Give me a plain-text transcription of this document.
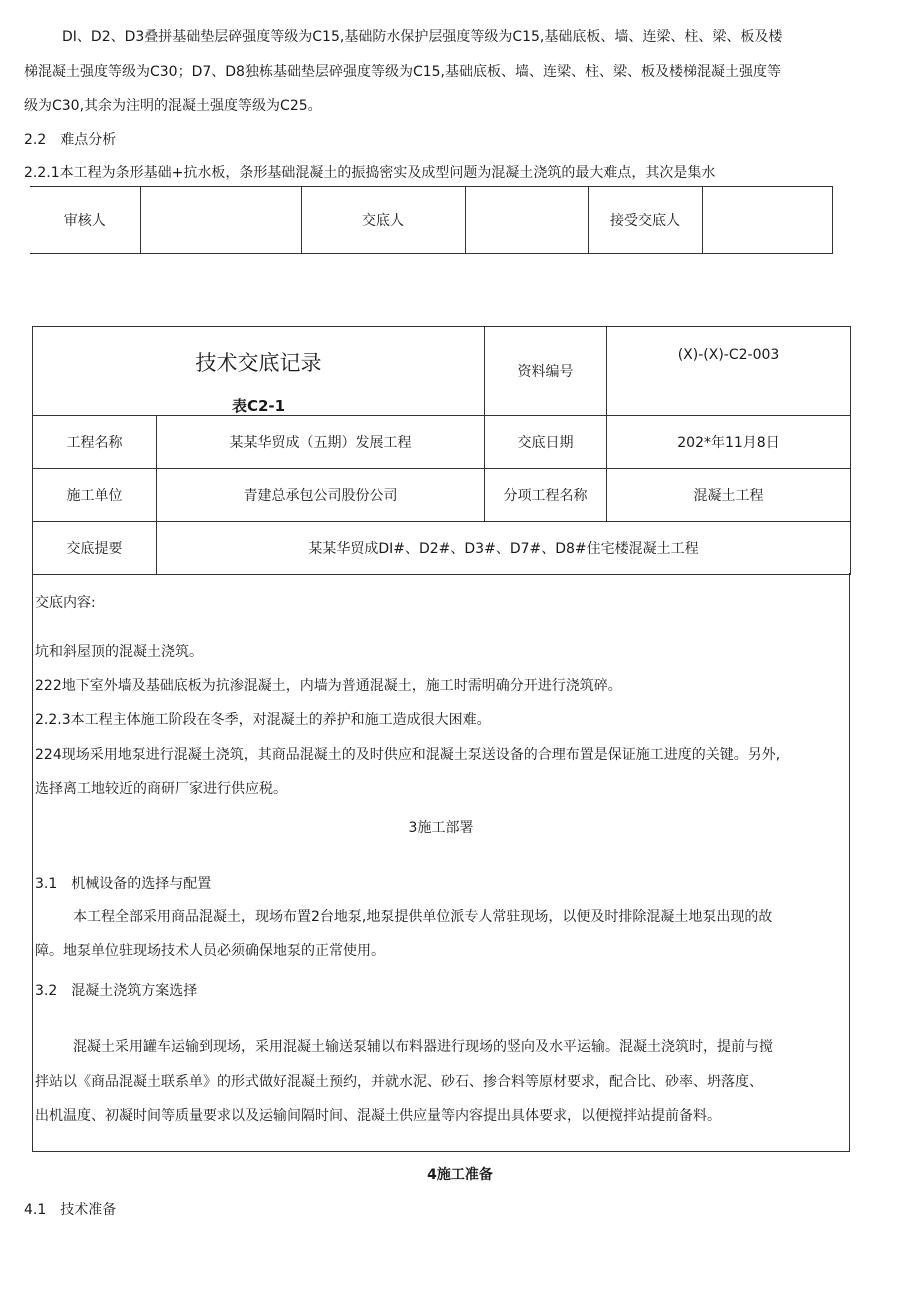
DI、D2、D3叠拼基础垫层碎强度等级为C15,基础防水保护层强度等级为C15,基础底板、墙、连梁、柱、梁、板及楼
梯混凝土强度等级为C30；D7、D8独栋基础垫层碎强度等级为C15,基础底板、墙、连梁、柱、梁、板及楼梯混凝土强度等
级为C30,其余为注明的混凝土强度等级为C25。
2.2　难点分析
2.2.1本工程为条形基础+抗水板，条形基础混凝土的振捣密实及成型问题为混凝土浇筑的最大难点，其次是集水
审核人		交底人		接受交底人	
技术交底记录
表C2-1		资料编号	(X)-(X)-C2-003
工程名称	某某华贸成（五期）发展工程	交底日期	202*年11月8日
施工单位	青建总承包公司股份公司	分项工程名称	混凝土工程
交底提要	某某华贸成DI#、D2#、D3#、D7#、D8#住宅楼混凝土工程		
交底内容:
坑和斜屋顶的混凝土浇筑。
222地下室外墙及基础底板为抗渗混凝土，内墙为普通混凝土，施工时需明确分开进行浇筑碎。
2.2.3本工程主体施工阶段在冬季，对混凝土的养护和施工造成很大困难。
224现场采用地泵进行混凝土浇筑，其商品混凝土的及时供应和混凝土泵送设备的合理布置是保证施工进度的关键。另外,
选择离工地较近的商研厂家进行供应税。
3施工部署
3.1　机械设备的选择与配置
本工程全部采用商品混凝土，现场布置2台地泵,地泵提供单位派专人常驻现场，以便及时排除混凝土地泵出现的故
障。地泵单位驻现场技术人员必须确保地泵的正常使用。
3.2　混凝土浇筑方案选择
混凝土采用罐车运输到现场，采用混凝土输送泵辅以布料器进行现场的竖向及水平运输。混凝土浇筑时，提前与搅
拌站以《商品混凝土联系单》的形式做好混凝土预约，并就水泥、砂石、掺合料等原材要求，配合比、砂率、坍落度、
出机温度、初凝时间等质量要求以及运输间隔时间、混凝土供应量等内容提出具体要求，以便搅拌站提前备料。
4施工准备
4.1　技术准备
